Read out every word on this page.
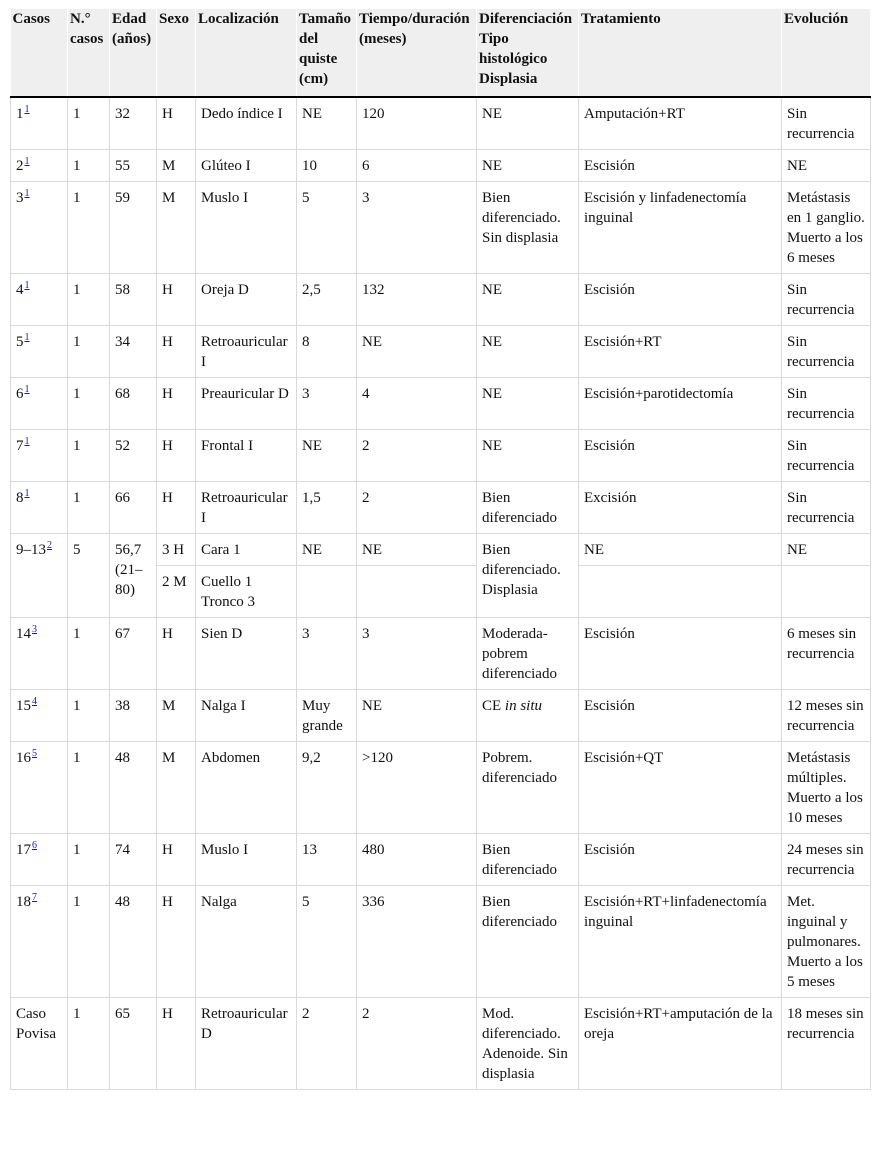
Casos	N.° casos	Edad (años)	Sexo	Localización	Tamaño del quiste (cm)	Tiempo/duración (meses)	Diferenciación Tipo histológico Displasia	Tratamiento	Evolución
1$^1$	1	32	H	Dedo índice I	NE	120	NE	Amputación+RT	Sin recurrencia
2$^1$	1	55	M	Glúteo I	10	6	NE	Escisión	NE
3$^1$	1	59	M	Muslo I	5	3	Bien diferenciado. Sin displasia	Escisión y linfadenectomía inguinal	Metástasis en 1 ganglio. Muerto a los 6 meses
4$^1$	1	58	H	Oreja D	2,5	132	NE	Escisión	Sin recurrencia
5$^1$	1	34	H	Retroauricular I	8	NE	NE	Escisión+RT	Sin recurrencia
6$^1$	1	68	H	Preauricular D	3	4	NE	Escisión+parotidectomía	Sin recurrencia
7$^1$	1	52	H	Frontal I	NE	2	NE	Escisión	Sin recurrencia
8$^1$	1	66	H	Retroauricular I	1,5	2	Bien diferenciado	Excisión	Sin recurrencia
9–13$^2$	5	56,7 (21–80)	3 H	Cara 1	NE	NE	Bien diferenciado. Displasia	NE	NE
			2 M	Cuello 1 Tronco 3					
14$^3$	1	67	H	Sien D	3	3	Moderada-pobrem diferenciado	Escisión	6 meses sin recurrencia
15$^4$	1	38	M	Nalga I	Muy grande	NE	CE in situ	Escisión	12 meses sin recurrencia
16$^5$	1	48	M	Abdomen	9,2	>120	Pobrem. diferenciado	Escisión+QT	Metástasis múltiples. Muerto a los 10 meses
17$^6$	1	74	H	Muslo I	13	480	Bien diferenciado	Escisión	24 meses sin recurrencia
18$^7$	1	48	H	Nalga	5	336	Bien diferenciado	Escisión+RT+linfadenectomía inguinal	Met. inguinal y pulmonares. Muerto a los 5 meses
Caso Povisa	1	65	H	Retroauricular D	2	2	Mod. diferenciado. Adenoide. Sin displasia	Escisión+RT+amputación de la oreja	18 meses sin recurrencia
